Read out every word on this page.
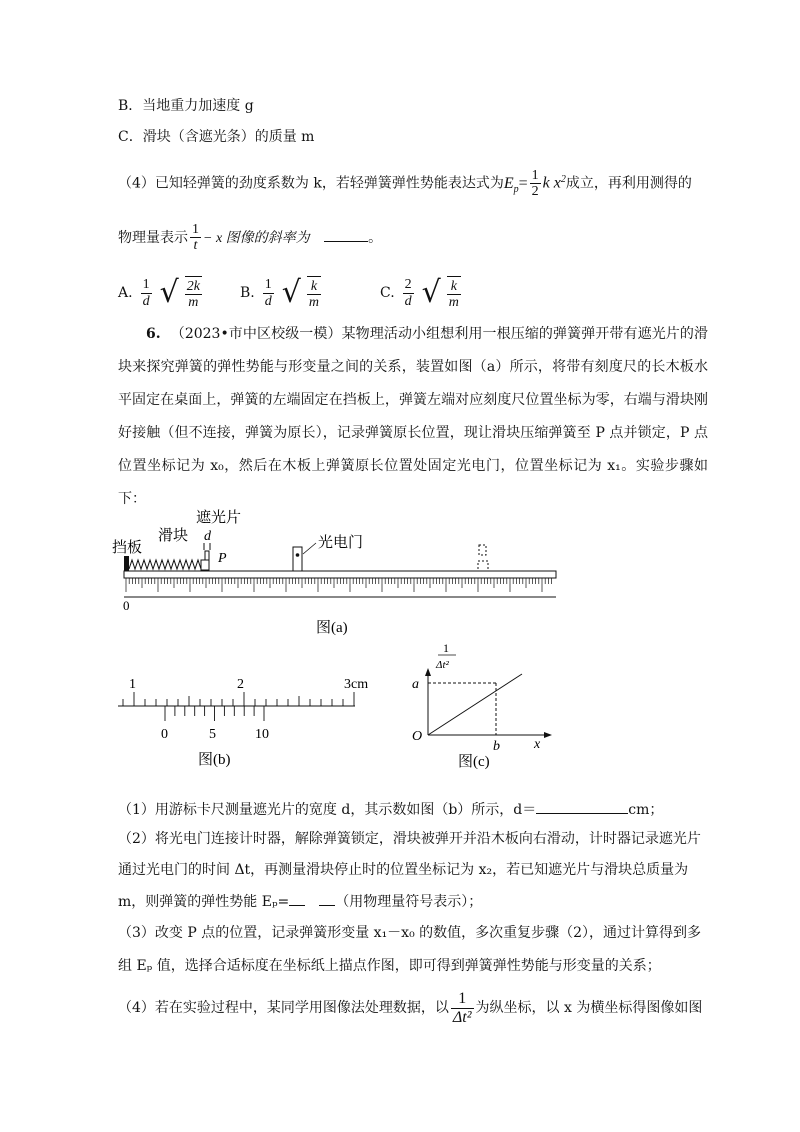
B．当地重力加速度 g
C．滑块（含遮光条）的质量 m
（4）已知轻弹簧的劲度系数为 k，若轻弹簧弹性势能表达式为$E_p= \frac{1}{2}$ k $x^2$成立，再利用测得的
物理量表示 $\frac{1}{t} - x$ 图像的斜率为	。
A. $\frac{1}{d}$ √ $\frac{2k}{m}$	B. $\frac{1}{d}$ √ $\frac{k}{m}$	C. $\frac{2}{d}$ √ $\frac{k}{m}$
6. （2023•市中区校级一模）某物理活动小组想利用一根压缩的弹簧弹开带有遮光片的滑块来探究弹簧的弹性势能与形变量之间的关系，装置如图（a）所示，将带有刻度尺的长木板水平固定在桌面上，弹簧的左端固定在挡板上，弹簧左端对应刻度尺位置坐标为零，右端与滑块刚好接触（但不连接，弹簧为原长），记录弹簧原长位置，现让滑块压缩弹簧至 P 点并锁定，P 点位置坐标记为 x₀，然后在木板上弹簧原长位置处固定光电门，位置坐标记为 x₁。实验步骤如下：
挡板
滑块
遮光片
d
P
光电门
0
图(a)
1	2	3cm
0	5	10
图(b)
1
Δt²
a
b
O
x
图(c)
（1）用游标卡尺测量遮光片的宽度 d，其示数如图（b）所示，d＝	cm；
（2）将光电门连接计时器，解除弹簧锁定，滑块被弹开并沿木板向右滑动，计时器记录遮光片
通过光电门的时间 Δt，再测量滑块停止时的位置坐标记为 x₂，若已知遮光片与滑块总质量为
m，则弹簧的弹性势能 Eₚ=	（用物理量符号表示）；
（3）改变 P 点的位置，记录弹簧形变量 x₁－x₀ 的数值，多次重复步骤（2），通过计算得到多
组 Eₚ 值，选择合适标度在坐标纸上描点作图，即可得到弹簧弹性势能与形变量的关系；
（4）若在实验过程中，某同学用图像法处理数据，以 $\frac{1}{\text{Δt²}}$ 为纵坐标，以 x 为横坐标得图像如图
